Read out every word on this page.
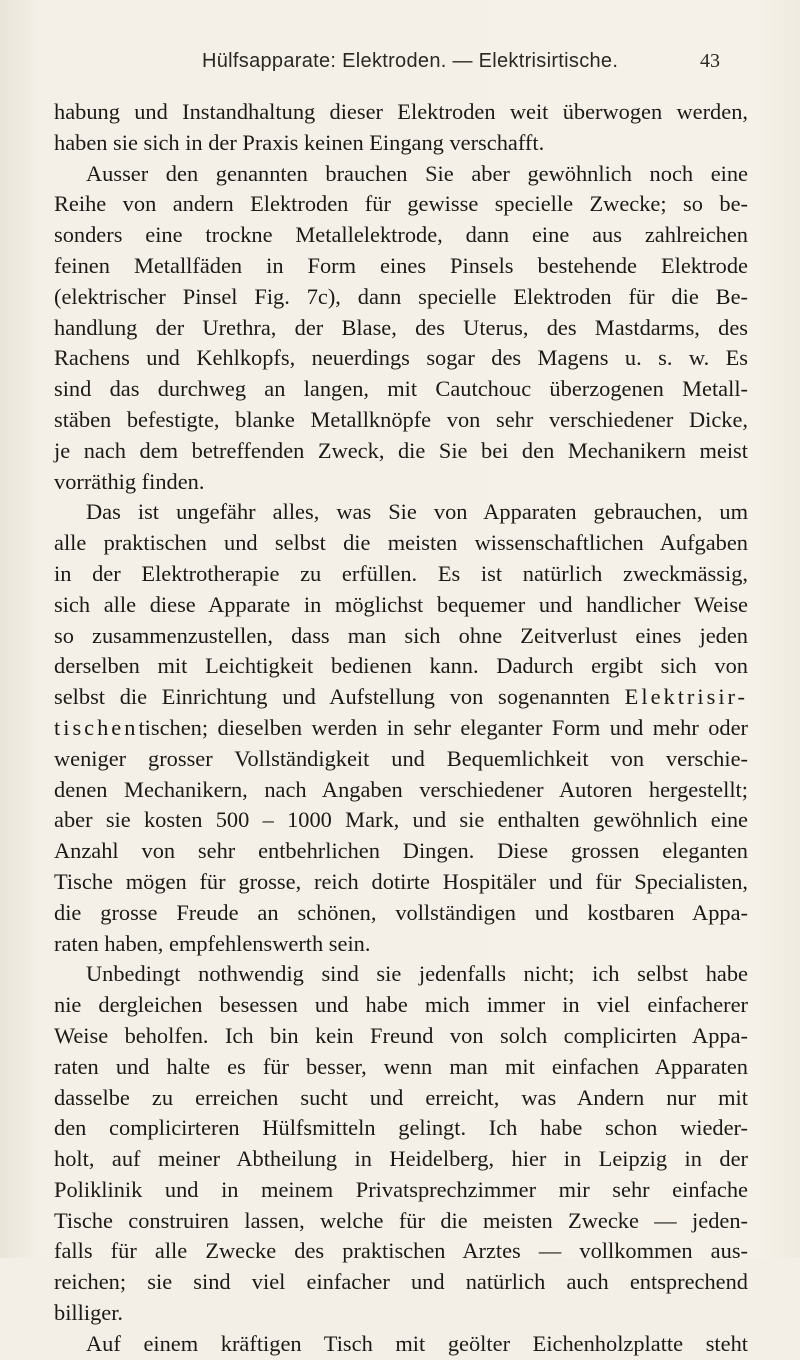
Hülfsapparate: Elektroden. — Elektrisirtische.	43
habung und Instandhaltung dieser Elektroden weit überwogen werden,
haben sie sich in der Praxis keinen Eingang verschafft.
Ausser den genannten brauchen Sie aber gewöhnlich noch eine
Reihe von andern Elektroden für gewisse specielle Zwecke; so be-
sonders eine trockne Metallelektrode, dann eine aus zahlreichen
feinen Metallfäden in Form eines Pinsels bestehende Elektrode
(elektrischer Pinsel Fig. 7c), dann specielle Elektroden für die Be-
handlung der Urethra, der Blase, des Uterus, des Mastdarms, des
Rachens und Kehlkopfs, neuerdings sogar des Magens u. s. w. Es
sind das durchweg an langen, mit Cautchouc überzogenen Metall-
stäben befestigte, blanke Metallknöpfe von sehr verschiedener Dicke,
je nach dem betreffenden Zweck, die Sie bei den Mechanikern meist
vorräthig finden.
Das ist ungefähr alles, was Sie von Apparaten gebrauchen, um
alle praktischen und selbst die meisten wissenschaftlichen Aufgaben
in der Elektrotherapie zu erfüllen. Es ist natürlich zweckmässig,
sich alle diese Apparate in möglichst bequemer und handlicher Weise
so zusammenzustellen, dass man sich ohne Zeitverlust eines jeden
derselben mit Leichtigkeit bedienen kann. Dadurch ergibt sich von
selbst die Einrichtung und Aufstellung von sogenannten Elektrisir-
tischentischen; dieselben werden in sehr eleganter Form und mehr oder
weniger grosser Vollständigkeit und Bequemlichkeit von verschie-
denen Mechanikern, nach Angaben verschiedener Autoren hergestellt;
aber sie kosten 500 – 1000 Mark, und sie enthalten gewöhnlich eine
Anzahl von sehr entbehrlichen Dingen. Diese grossen eleganten
Tische mögen für grosse, reich dotirte Hospitäler und für Specialisten,
die grosse Freude an schönen, vollständigen und kostbaren Appa-
raten haben, empfehlenswerth sein.
Unbedingt nothwendig sind sie jedenfalls nicht; ich selbst habe
nie dergleichen besessen und habe mich immer in viel einfacherer
Weise beholfen. Ich bin kein Freund von solch complicirten Appa-
raten und halte es für besser, wenn man mit einfachen Apparaten
dasselbe zu erreichen sucht und erreicht, was Andern nur mit
den complicirteren Hülfsmitteln gelingt. Ich habe schon wieder-
holt, auf meiner Abtheilung in Heidelberg, hier in Leipzig in der
Poliklinik und in meinem Privatsprechzimmer mir sehr einfache
Tische construiren lassen, welche für die meisten Zwecke — jeden-
falls für alle Zwecke des praktischen Arztes — vollkommen aus-
reichen; sie sind viel einfacher und natürlich auch entsprechend
billiger.
Auf einem kräftigen Tisch mit geölter Eichenholzplatte steht
